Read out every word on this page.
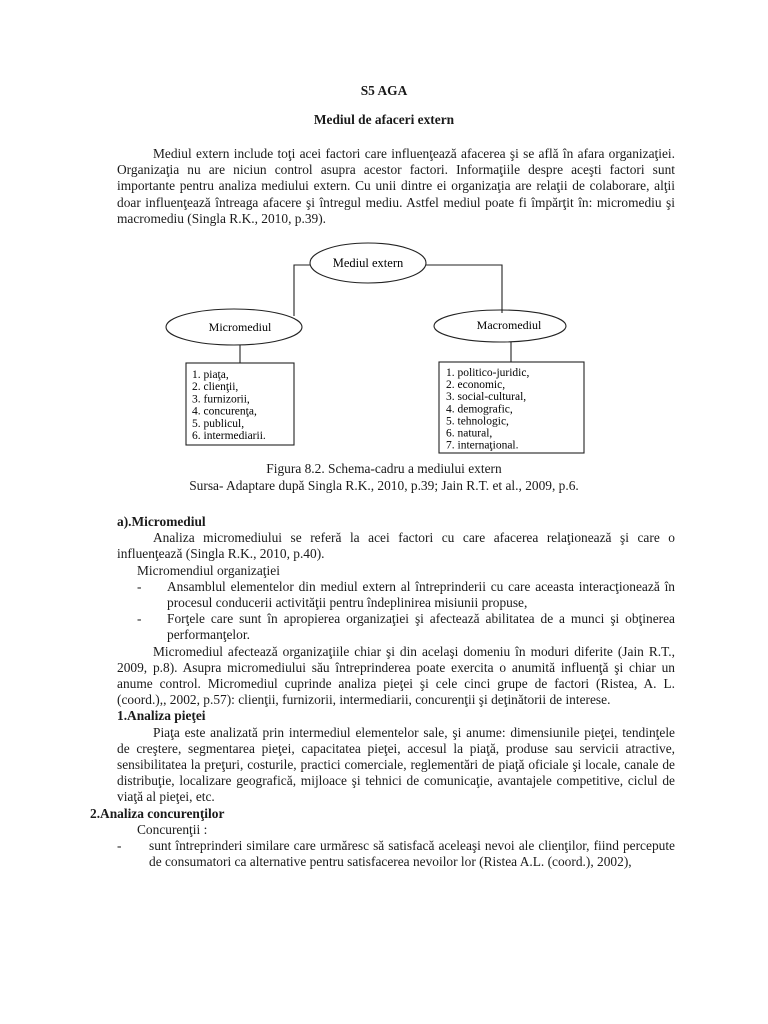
S5 AGA
Mediul de afaceri extern
Mediul extern include toţi acei factori care influenţează afacerea şi se află în afara organizaţiei. Organizaţia nu are niciun control asupra acestor factori. Informaţiile despre aceşti factori sunt importante pentru analiza mediului extern. Cu unii dintre ei organizaţia are relaţii de colaborare, alţii doar influenţează întreaga afacere şi întregul mediu. Astfel mediul poate fi împărţit în: micromediu şi macromediu (Singla R.K., 2010, p.39).
Mediul extern
Micromediul	Macromediul
1. piaţa,
2. clienţii,
3. furnizorii,
4. concurenţa,
5. publicul,
6. intermediarii.
1. politico-juridic,
2. economic,
3. social-cultural,
4. demografic,
5. tehnologic,
6. natural,
7. internaţional.
Figura 8.2. Schema-cadru a mediului extern
Sursa- Adaptare după Singla R.K., 2010, p.39; Jain R.T. et al., 2009, p.6.
a).Micromediul
Analiza micromediului se referă la acei factori cu care afacerea relaţionează şi care o influenţează (Singla R.K., 2010, p.40).
Micromendiul organizaţiei
- Ansamblul elementelor din mediul extern al întreprinderii cu care aceasta interacţionează în procesul conducerii activităţii pentru îndeplinirea misiunii propuse,
- Forţele care sunt în apropierea organizaţiei şi afectează abilitatea de a munci şi obţinerea performanţelor.
Micromediul afectează organizaţiile chiar şi din acelaşi domeniu în moduri diferite (Jain R.T., 2009, p.8). Asupra micromediului său întreprinderea poate exercita o anumită influenţă şi chiar un anume control. Micromediul cuprinde analiza pieţei şi cele cinci grupe de factori (Ristea, A. L. (coord.),, 2002, p.57): clienţii, furnizorii, intermediarii, concurenţii şi deţinătorii de interese.
1.Analiza pieţei
Piaţa este analizată prin intermediul elementelor sale, şi anume: dimensiunile pieţei, tendinţele de creştere, segmentarea pieţei, capacitatea pieţei, accesul la piaţă, produse sau servicii atractive, sensibilitatea la preţuri, costurile, practici comerciale, reglementări de piaţă oficiale şi locale, canale de distribuţie, localizare geografică, mijloace şi tehnici de comunicaţie, avantajele competitive, ciclul de viaţă al pieţei, etc.
2.Analiza concurenţilor
Concurenţii :
- sunt întreprinderi similare care urmăresc să satisfacă aceleaşi nevoi ale clienţilor, fiind percepute de consumatori ca alternative pentru satisfacerea nevoilor lor (Ristea A.L. (coord.), 2002),
